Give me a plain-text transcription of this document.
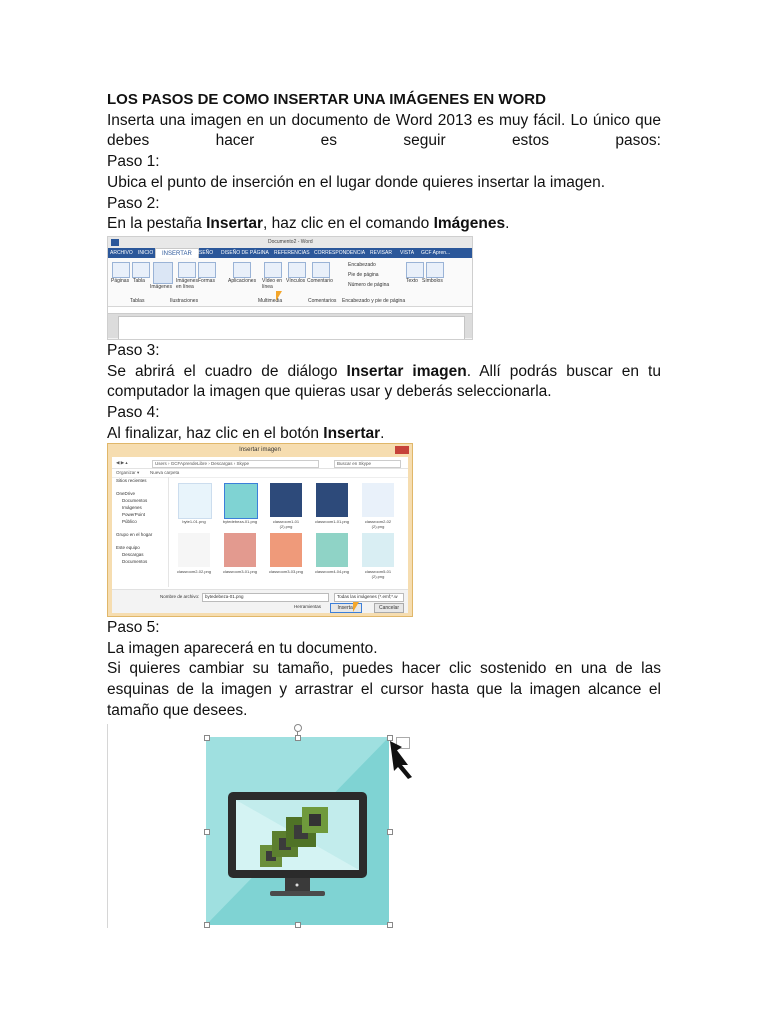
LOS PASOS DE COMO INSERTAR UNA IMÁGENES EN WORD
Inserta una imagen en un documento de Word 2013 es muy fácil. Lo único que debes hacer es seguir estos pasos:
Paso 1:
Ubica el punto de inserción en el lugar donde quieres insertar la imagen.
Paso 2:
En la pestaña Insertar, haz clic en el comando Imágenes.
Paso 3:
Se abrirá el cuadro de diálogo Insertar imagen. Allí podrás buscar en tu computador la imagen que quieras usar y deberás seleccionarla.
Paso 4:
Al finalizar, haz clic en el botón Insertar.
Paso 5:
La imagen aparecerá en tu documento.
Si quieres cambiar su tamaño, puedes hacer clic sostenido en una de las esquinas de la imagen y arrastrar el cursor hasta que la imagen alcance el tamaño que desees.
Documento2 - Word
ARCHIVO INICIO	INSERTAR DISEÑO DISEÑO DE PÁGINA REFERENCIAS CORRESPONDENCIA REVISAR VISTA GCF Apren...
Páginas Tabla
Imágenes
Imágenes en línea
Formas	Aplicaciones Vídeo en línea
Vínculos Comentario
Encabezado
Pie de página
Número de página
Texto Símbolos
Tablas	Ilustraciones	Multimedia	Comentarios Encabezado y pie de página
Insertar imagen
◀ ▶ ▴	Users › GCFAprendeLibre › Descargas › Skype	Buscar en Skype
Organizar ▾ Nueva carpeta
Sitios recientes
OneDrive
Documentos
Imágenes
PowerPoint
Público
Grupo en el hogar
Este equipo
Descargas
Documentos
byte1-01.png	bytedebeza-01.png	classroom1-01 (2).png
classroom1-01.png	classroom2-02 (2).png
classroom2-02.png	classroom3-01.png	classroom3-03.png	classroom4-04.png	classroom5-01 (2).png
Nombre de archivo:	bytedebeza-01.png	Todas las imágenes (*.emf;*.w
Herramientas	Insertar	Cancelar
